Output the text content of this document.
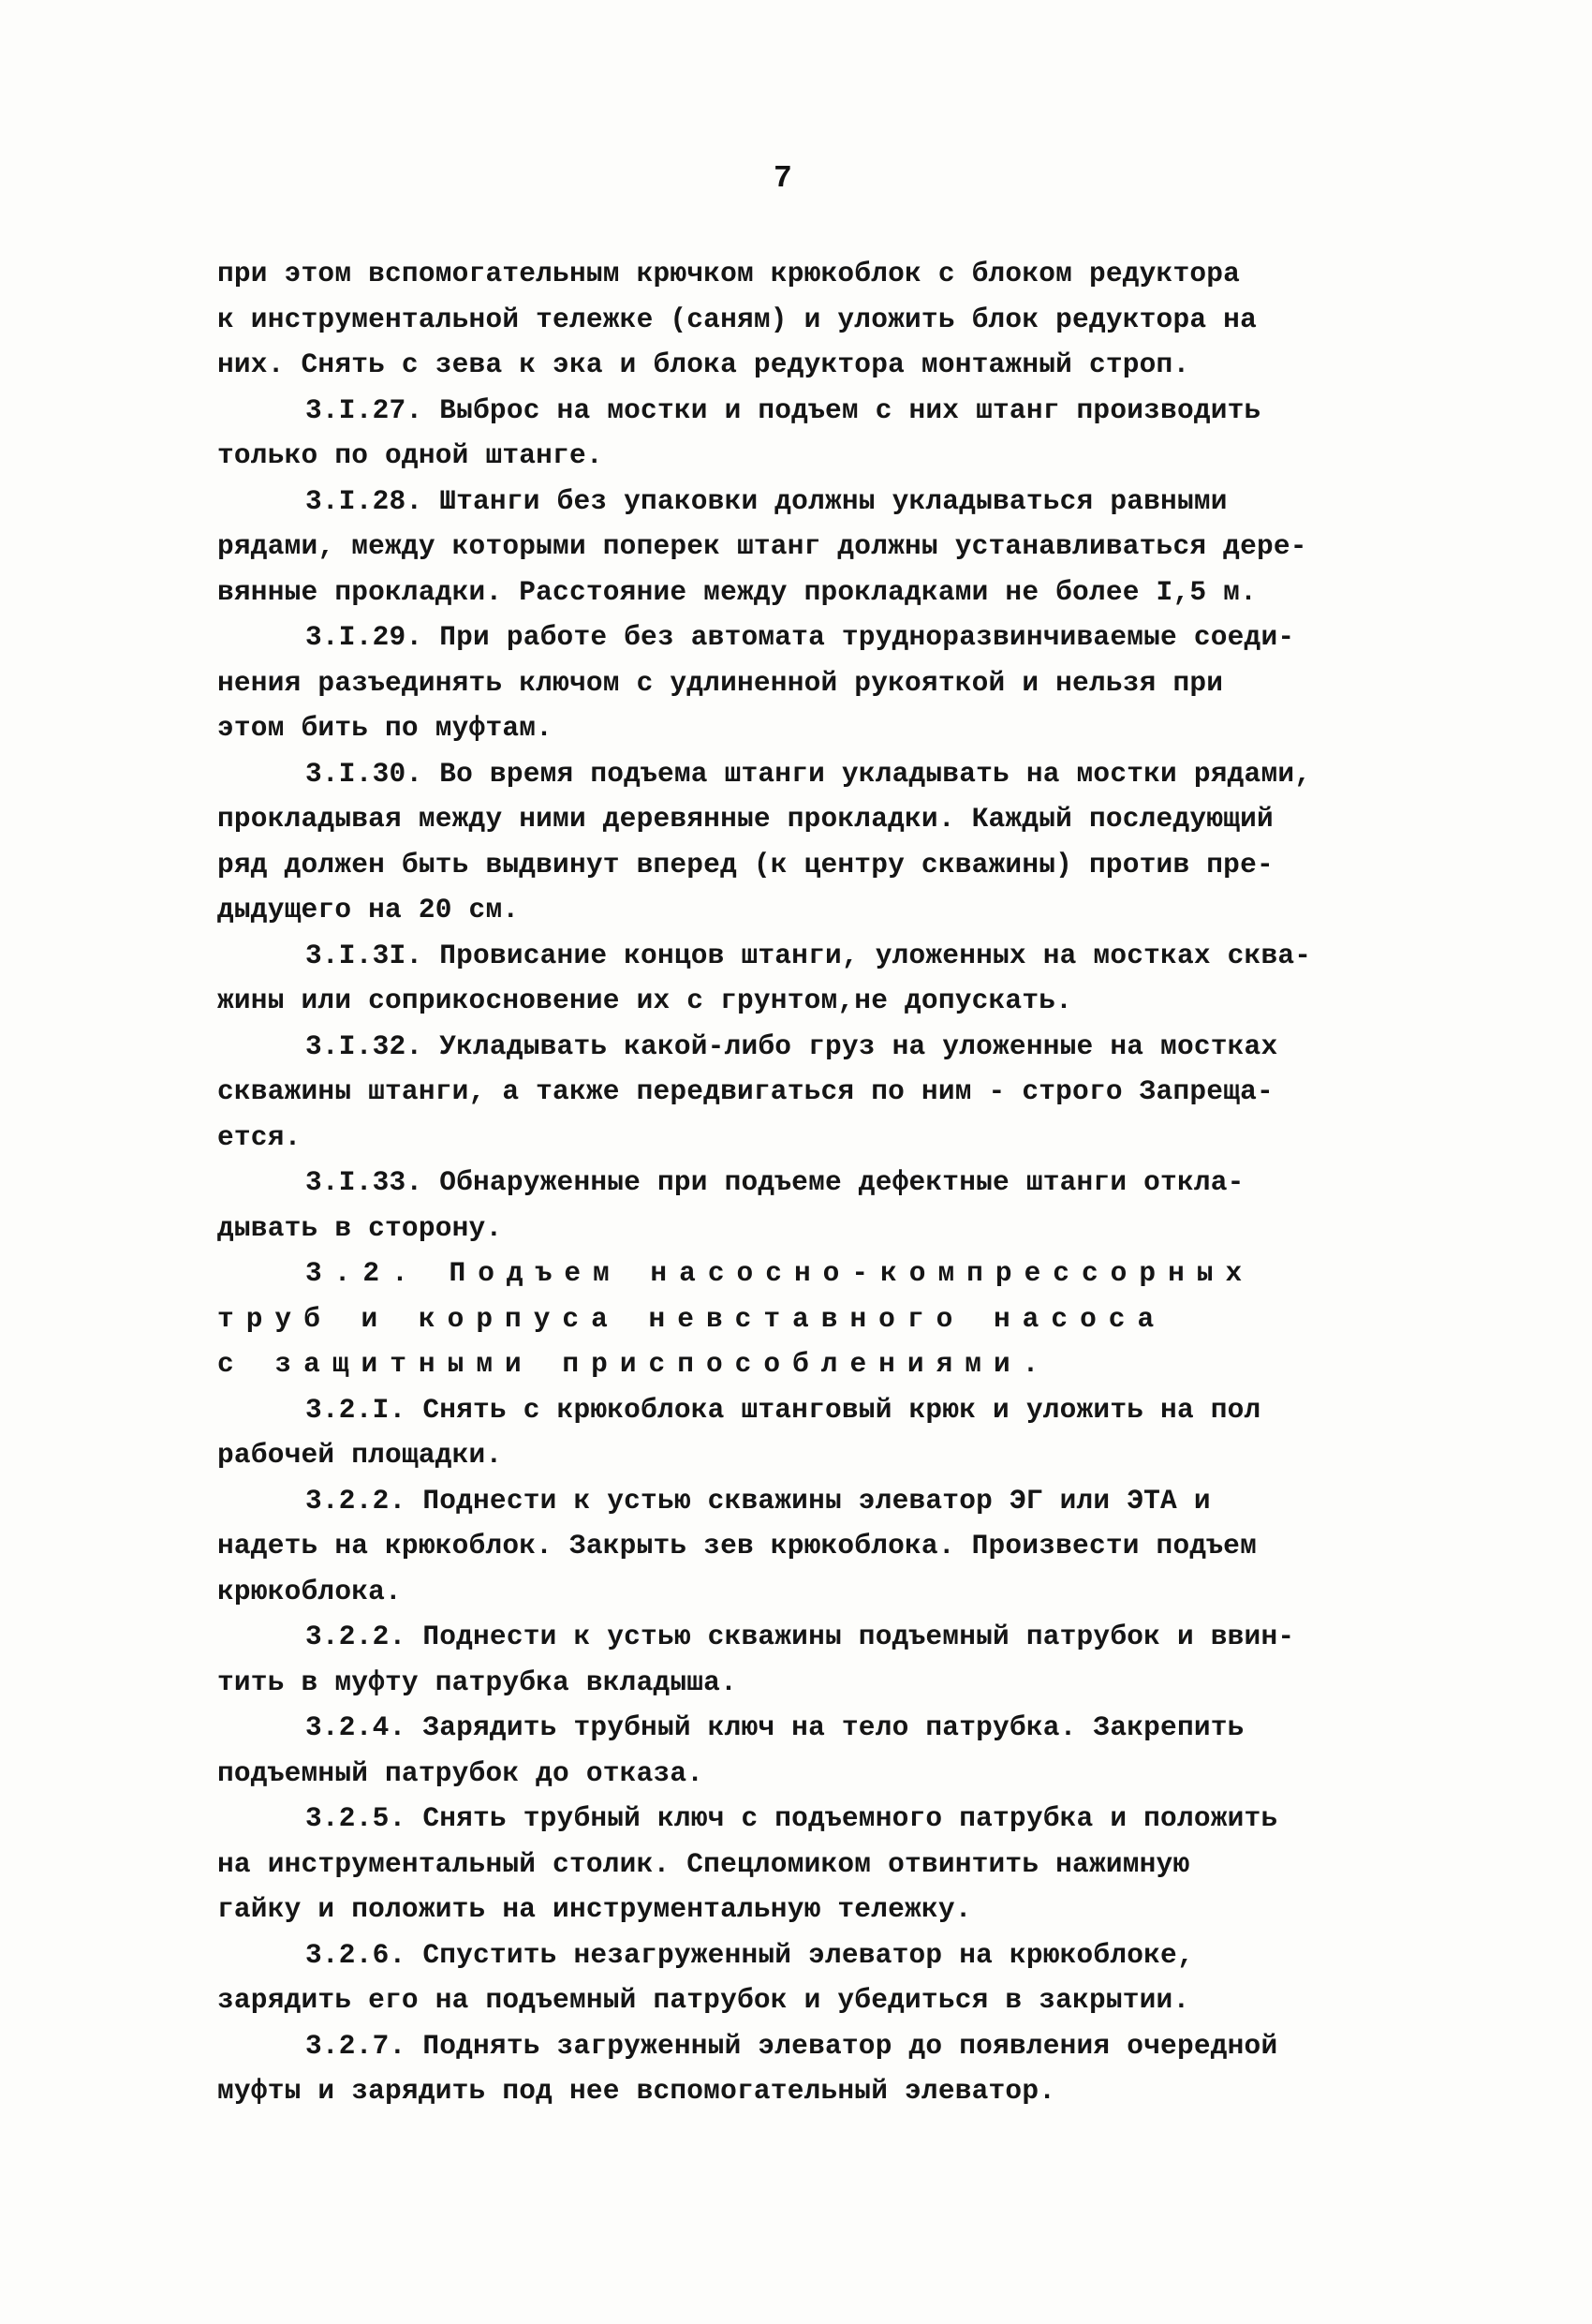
7
при этом вспомогательным крючком крюкоблок с блоком редуктора
к инструментальной тележке (саням) и уложить блок редуктора на
них. Снять с зева к эка и блока редуктора монтажный строп.
3.I.27. Выброс на мостки и подъем с них штанг производить
только по одной штанге.
3.I.28. Штанги без упаковки должны укладываться равными
рядами, между которыми поперек штанг должны устанавливаться дере-
вянные прокладки. Расстояние между прокладками не более I,5 м.
3.I.29. При работе без автомата трудноразвинчиваемые соеди-
нения разъединять ключом с удлиненной рукояткой и нельзя при
этом бить по муфтам.
3.I.30. Во время подъема штанги укладывать на мостки рядами,
прокладывая между ними деревянные прокладки. Каждый последующий
ряд должен быть выдвинут вперед (к центру скважины) против пре-
дыдущего на 20 см.
3.I.3I. Провисание концов штанги, уложенных на мостках сква-
жины или соприкосновение их с грунтом,не допускать.
3.I.32. Укладывать какой-либо груз на уложенные на мостках
скважины штанги, а также передвигаться по ним - строго Запреща-
ется.
3.I.33. Обнаруженные при подъеме дефектные штанги откла-
дывать в сторону.
3.2. Подъем насосно-компрессорных
труб и корпуса невставного насоса
с защитными приспособлениями.
3.2.I. Снять с крюкоблока штанговый крюк и уложить на пол
рабочей площадки.
3.2.2. Поднести к устью скважины элеватор ЭГ или ЭТА и
надеть на крюкоблок. Закрыть зев крюкоблока. Произвести подъем
крюкоблока.
3.2.2. Поднести к устью скважины подъемный патрубок и ввин-
тить в муфту патрубка вкладыша.
3.2.4. Зарядить трубный ключ на тело патрубка. Закрепить
подъемный патрубок до отказа.
3.2.5. Снять трубный ключ с подъемного патрубка и положить
на инструментальный столик. Спецломиком отвинтить нажимную
гайку и положить на инструментальную тележку.
3.2.6. Спустить незагруженный элеватор на крюкоблоке,
зарядить его на подъемный патрубок и убедиться в закрытии.
3.2.7. Поднять загруженный элеватор до появления очередной
муфты и зарядить под нее вспомогательный элеватор.
